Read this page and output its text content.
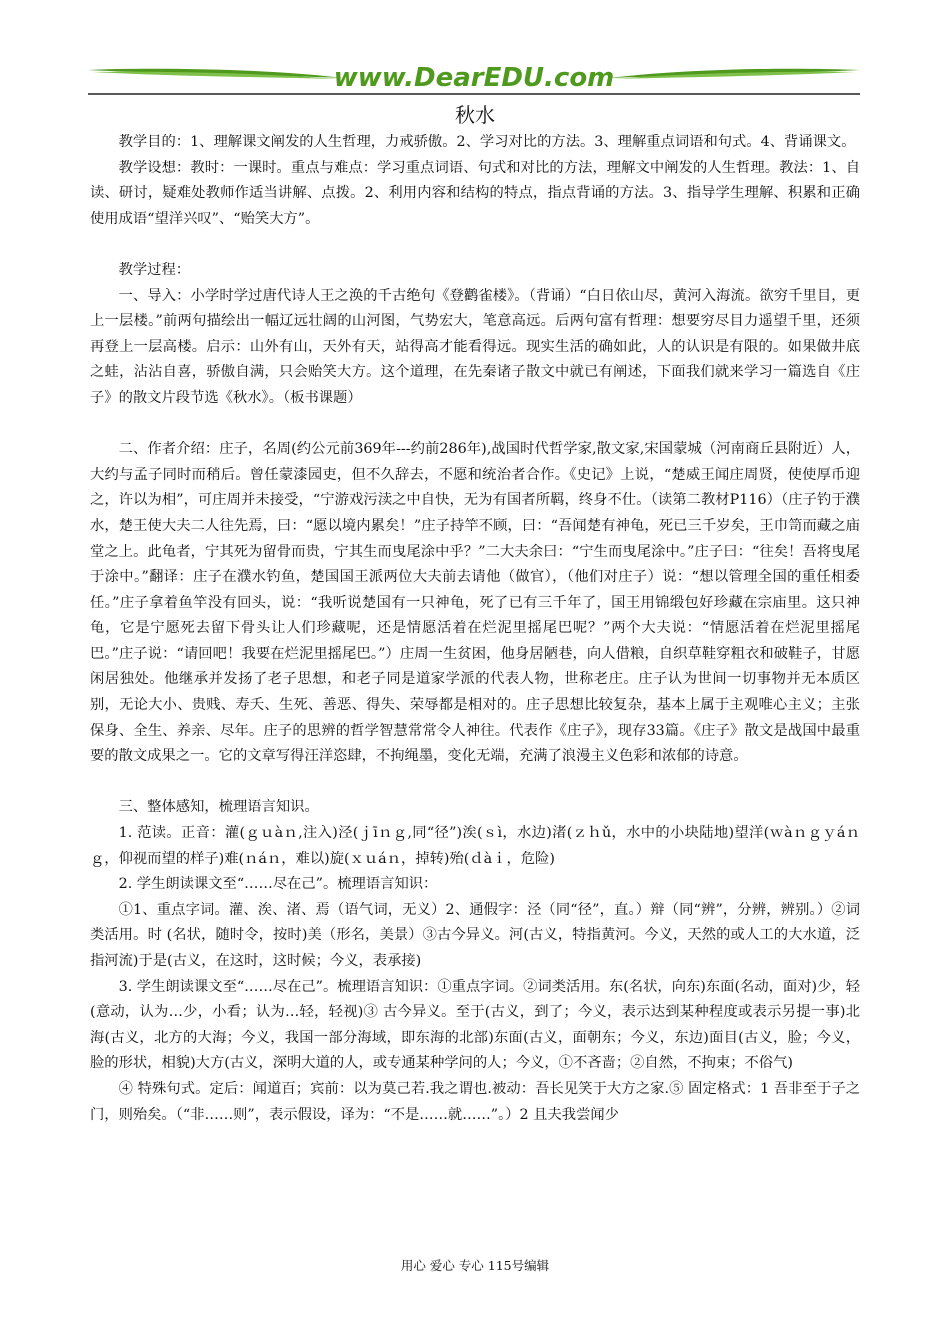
www.DearEDU.com
秋水

教学目的：1、理解课文阐发的人生哲理，力戒骄傲。2、学习对比的方法。3、理解重点词语和句式。4、背诵课文。

教学设想：教时：一课时。重点与难点：学习重点词语、句式和对比的方法，理解文中阐发的人生哲理。教法：1、自读、研讨，疑难处教师作适当讲解、点拨。2、利用内容和结构的特点，指点背诵的方法。3、指导学生理解、积累和正确使用成语“望洋兴叹”、“贻笑大方”。

教学过程：

一、导入：小学时学过唐代诗人王之涣的千古绝句《登鹳雀楼》。（背诵）“白日依山尽，黄河入海流。欲穷千里目，更上一层楼。”前两句描绘出一幅辽远壮阔的山河图，气势宏大，笔意高远。后两句富有哲理：想要穷尽目力遥望千里，还须再登上一层高楼。启示：山外有山，天外有天，站得高才能看得远。现实生活的确如此，人的认识是有限的。如果做井底之蛙，沾沾自喜，骄傲自满，只会贻笑大方。这个道理，在先秦诸子散文中就已有阐述，下面我们就来学习一篇选自《庄子》的散文片段节选《秋水》。（板书课题）

二、作者介绍：庄子，名周(约公元前369年---约前286年),战国时代哲学家,散文家,宋国蒙城（河南商丘县附近）人，大约与孟子同时而稍后。曾任蒙漆园吏，但不久辞去，不愿和统治者合作。《史记》上说，“楚威王闻庄周贤，使使厚币迎之，许以为相”，可庄周并未接受，“宁游戏污渎之中自快，无为有国者所羁，终身不仕。（读第二教材P116）（庄子钓于濮水，楚王使大夫二人往先焉，曰：“愿以境内累矣！”庄子持竿不顾，曰：“吾闻楚有神龟，死已三千岁矣，王巾笥而藏之庙堂之上。此龟者，宁其死为留骨而贵，宁其生而曳尾涂中乎？”二大夫余曰：“宁生而曳尾涂中。”庄子曰：“往矣！吾将曳尾于涂中。”翻译：庄子在濮水钓鱼，楚国国王派两位大夫前去请他（做官），（他们对庄子）说：“想以管理全国的重任相委任。”庄子拿着鱼竿没有回头，说：“我听说楚国有一只神龟，死了已有三千年了，国王用锦缎包好珍藏在宗庙里。这只神龟，它是宁愿死去留下骨头让人们珍藏呢，还是情愿活着在烂泥里摇尾巴呢？”两个大夫说：“情愿活着在烂泥里摇尾巴。”庄子说：“请回吧！我要在烂泥里摇尾巴。”）庄周一生贫困，他身居陋巷，向人借粮，自织草鞋穿粗衣和破鞋子，甘愿闲居独处。他继承并发扬了老子思想，和老子同是道家学派的代表人物，世称老庄。庄子认为世间一切事物并无本质区别，无论大小、贵贱、寿夭、生死、善恶、得失、荣辱都是相对的。庄子思想比较复杂，基本上属于主观唯心主义；主张保身、全生、养亲、尽年。庄子的思辨的哲学智慧常常令人神往。代表作《庄子》，现存33篇。《庄子》散文是战国中最重要的散文成果之一。它的文章写得汪洋恣肆，不拘绳墨，变化无端，充满了浪漫主义色彩和浓郁的诗意。

三、整体感知，梳理语言知识。

1. 范读。正音：灌(ｇｕàｎ,注入)泾(ｊīｎｇ,同“径”)涘(ｓì，水边)渚(ｚｈǔ，水中的小块陆地)望洋(ｗàｎｇｙáｎｇ，仰视而望的样子)难(ｎáｎ，难以)旋(ｘｕáｎ，掉转)殆(ｄàｉ，危险)

2. 学生朗读课文至“……尽在己”。梳理语言知识：

①1、重点字词。灌、涘、渚、焉（语气词，无义）2、通假字：泾（同“径”，直。）辩（同“辨”，分辨，辨别。）②词类活用。时 (名状，随时令，按时)美（形名，美景）③古今异义。河(古义，特指黄河。今义，天然的或人工的大水道，泛指河流)于是(古义，在这时，这时候；今义，表承接)

3. 学生朗读课文至“……尽在己”。梳理语言知识：①重点字词。②词类活用。东(名状，向东)东面(名动，面对)少，轻(意动，认为…少，小看；认为…轻，轻视)③ 古今异义。至于(古义，到了；今义，表示达到某种程度或表示另提一事)北海(古义，北方的大海；今义，我国一部分海域，即东海的北部)东面(古义，面朝东；今义，东边)面目(古义，脸；今义，脸的形状，相貌)大方(古义，深明大道的人，或专通某种学问的人；今义，①不吝啬；②自然，不拘束；不俗气)

④ 特殊句式。定后：闻道百；宾前：以为莫己若.我之谓也.被动：吾长见笑于大方之家.⑤ 固定格式：1 吾非至于子之门，则殆矣。（“非……则”，表示假设，译为：“不是……就……”。）2 且夫我尝闻少

用心 爱心 专心 115号编辑
